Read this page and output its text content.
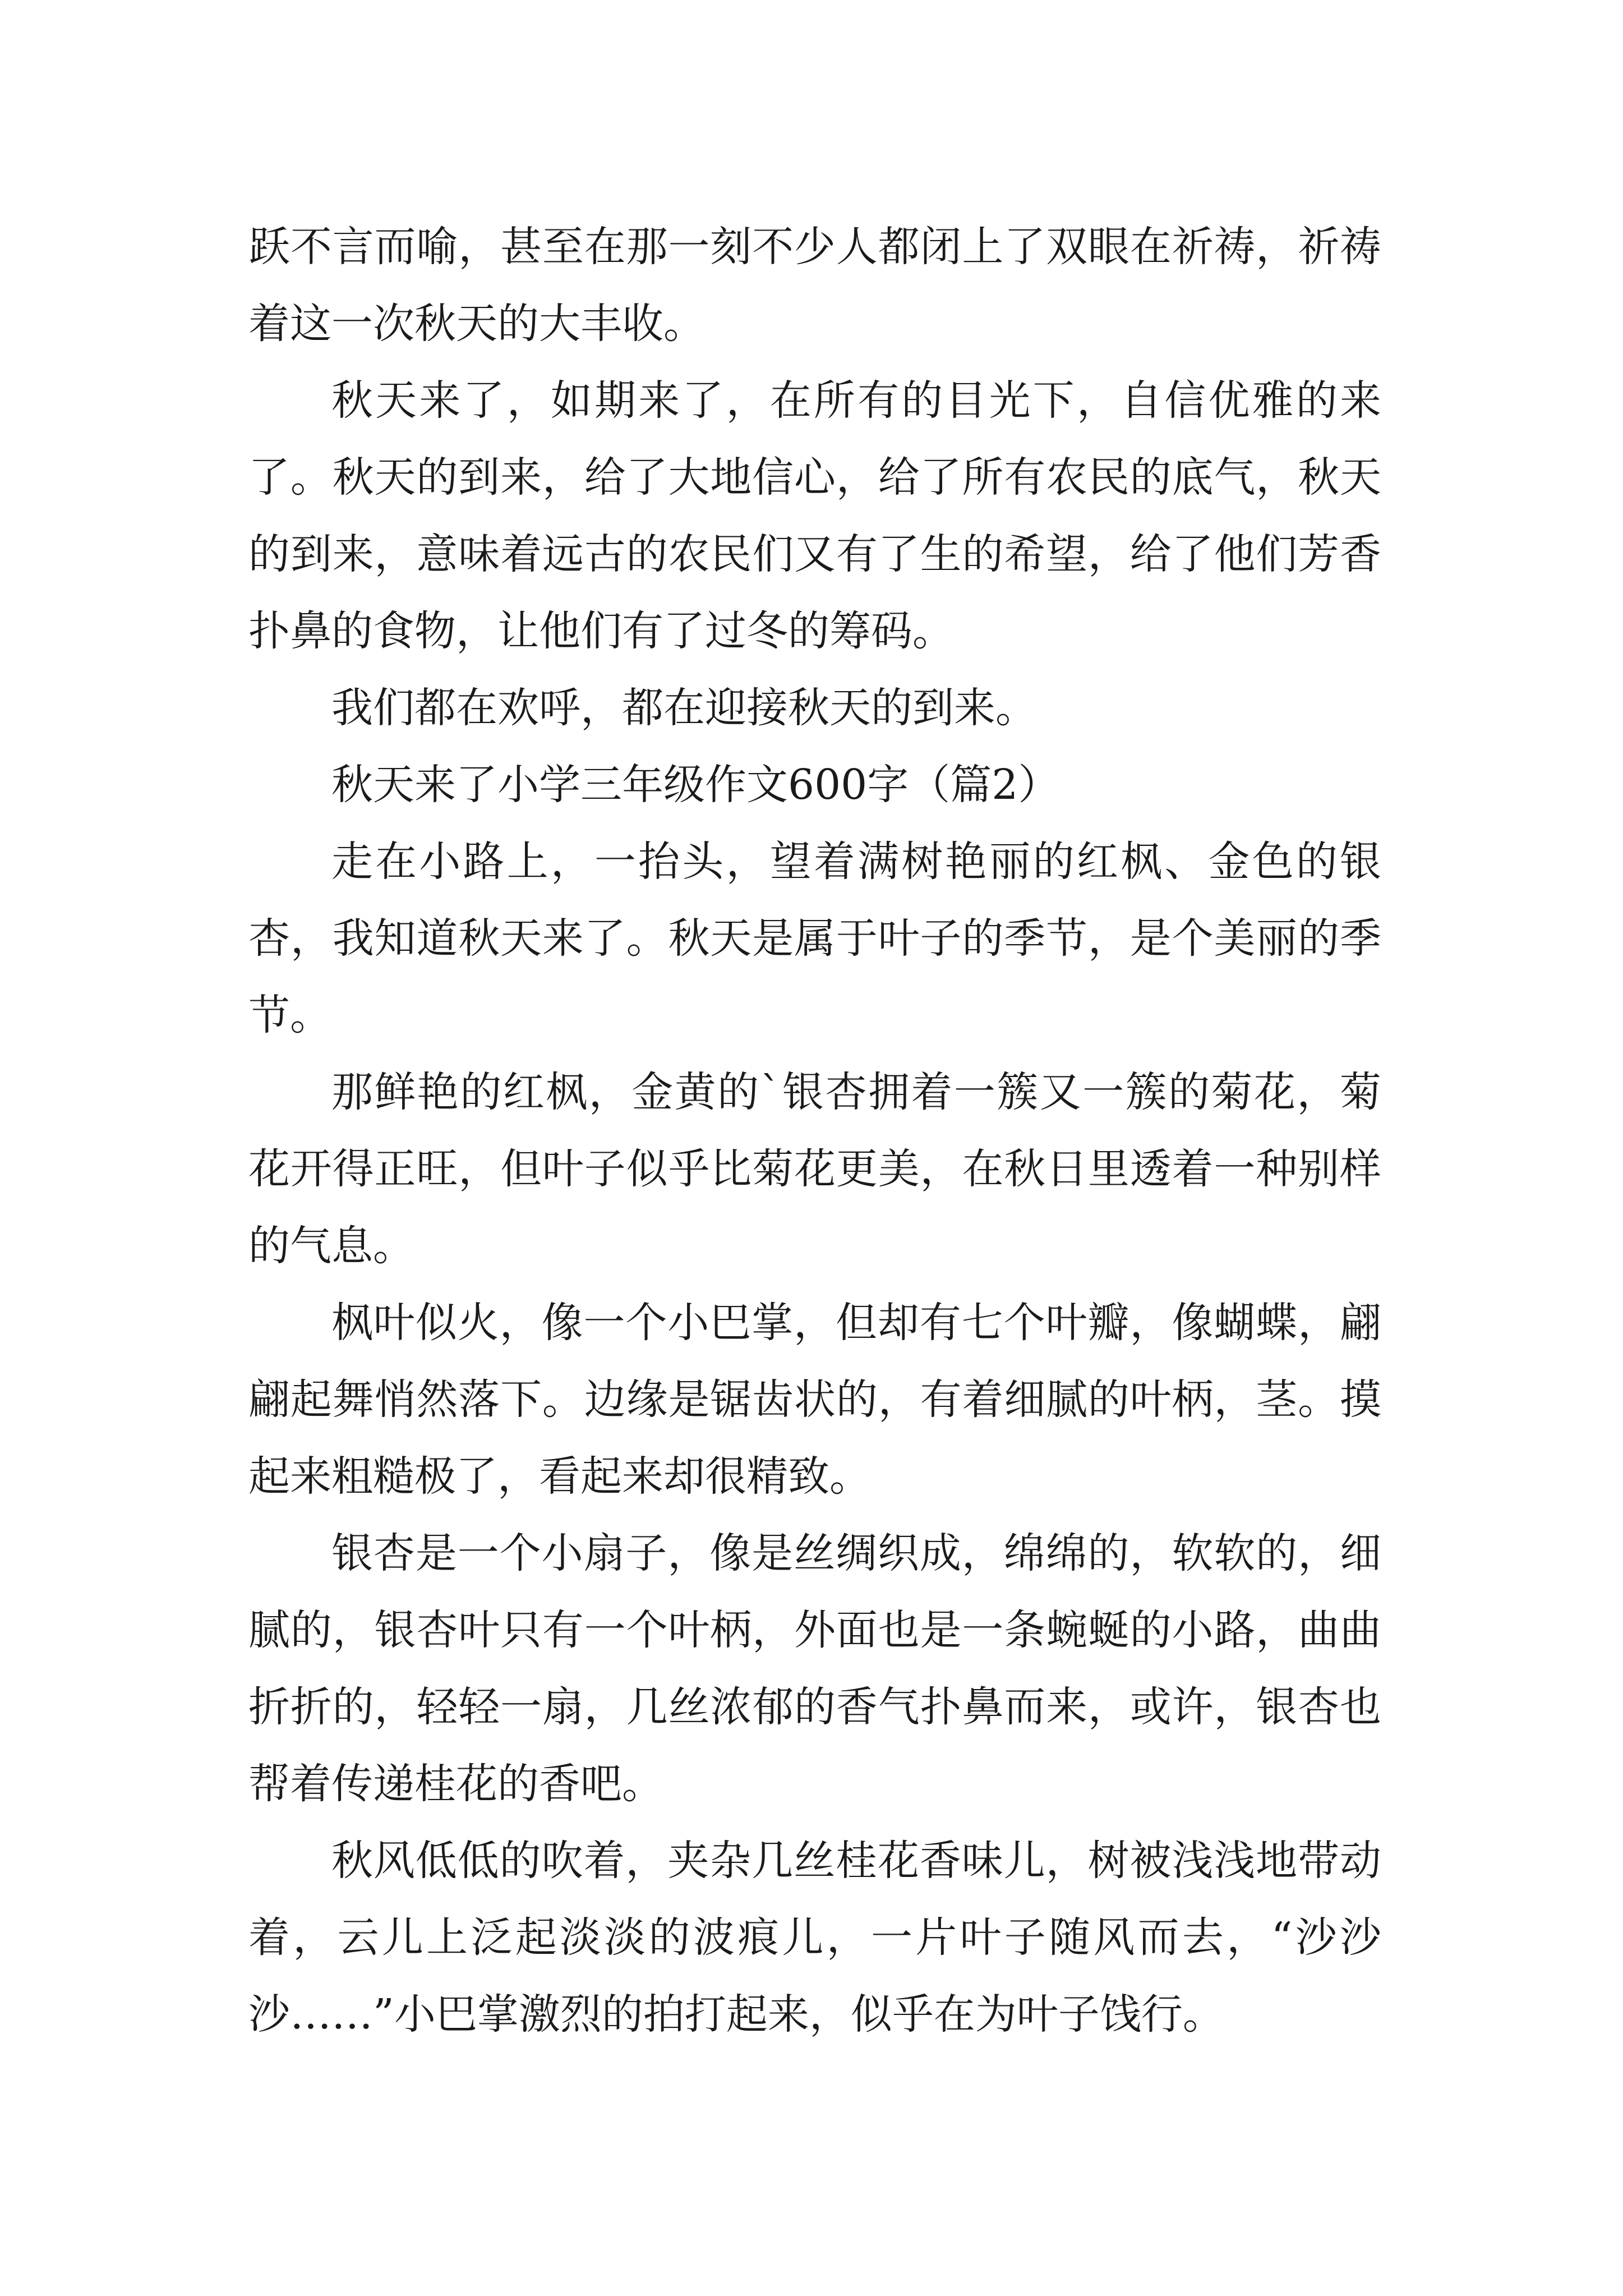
跃不言而喻，甚至在那一刻不少人都闭上了双眼在祈祷，祈祷着这一次秋天的大丰收。

秋天来了，如期来了，在所有的目光下，自信优雅的来了。秋天的到来，给了大地信心，给了所有农民的底气，秋天的到来，意味着远古的农民们又有了生的希望，给了他们芳香扑鼻的食物，让他们有了过冬的筹码。

我们都在欢呼，都在迎接秋天的到来。

秋天来了小学三年级作文600字（篇2）

走在小路上，一抬头，望着满树艳丽的红枫、金色的银杏，我知道秋天来了。秋天是属于叶子的季节，是个美丽的季节。

那鲜艳的红枫，金黄的`银杏拥着一簇又一簇的菊花，菊花开得正旺，但叶子似乎比菊花更美，在秋日里透着一种别样的气息。

枫叶似火，像一个小巴掌，但却有七个叶瓣，像蝴蝶，翩翩起舞悄然落下。边缘是锯齿状的，有着细腻的叶柄，茎。摸起来粗糙极了，看起来却很精致。

银杏是一个小扇子，像是丝绸织成，绵绵的，软软的，细腻的，银杏叶只有一个叶柄，外面也是一条蜿蜒的小路，曲曲折折的，轻轻一扇，几丝浓郁的香气扑鼻而来，或许，银杏也帮着传递桂花的香吧。

秋风低低的吹着，夹杂几丝桂花香味儿，树被浅浅地带动着，云儿上泛起淡淡的波痕儿，一片叶子随风而去，“沙沙沙……”小巴掌激烈的拍打起来，似乎在为叶子饯行。
